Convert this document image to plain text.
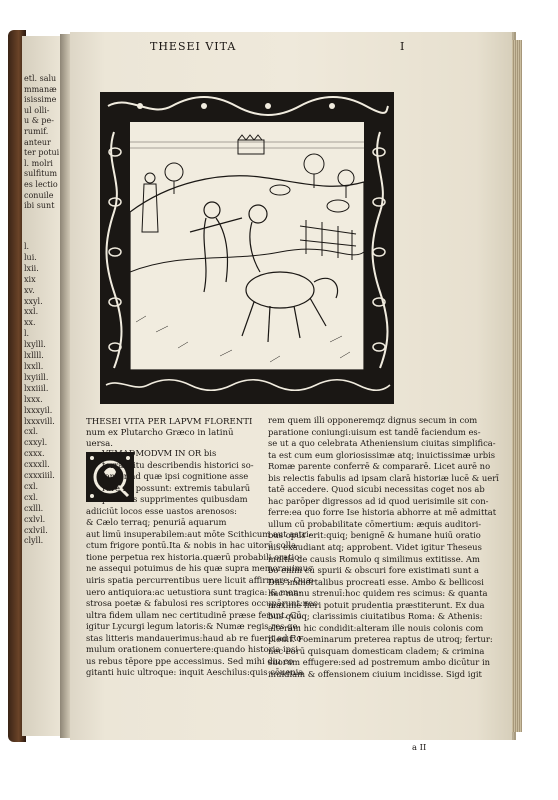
etl. salu
mmanæ
isissime
ul olli-
u & pe-
rumif.
anteur
ter potui
l. molri
sulfitum
es lectio
conuile
ibi sunt
l.
lui.
lxii.
xix
xv.
xxyl.
xxl.
xx.
l.
lxylll.
lxllll.
lxxll.
lxyiill.
lxxiiil.
lxxx.
lxxxyil.
lxxxvill.
cxl.
cxxyl.
cxxx.
cxxxll.
cxxxiiil.
cxl.
cxl.
cxlll.
cxlvl.
cxlvil.
clyll.
THESEI VITA	I
THESEI VITA PER LAPVM FLORENTI num ex Plutarcho Græco in latinū uersa.
VEMADMODVM IN OR bis
terræ situ describendis historici so-
lentur ad quæ ipsi cognitione asse
rare nō possunt: extremis tabularū
partibus supprimentes quibusdam
adiiciūt locos esse uastos arenosos:
& Cælo terraq; penuriā aquarum
aut limū insuperabilem:aut mōte Scithicum aut astri-
ctum frigore pontū.Ita & nobis in hac uitorū colla-
tione perpetua rex historia.quærū probabili oratio-
ne assequi potuimus de his quæ supra memorauimus
uiris spatia percurrentibus uere licuit affirmare. Quæ
uero antiquiora:ac uetustiora sunt tragica: & mon-
strosa poetæ & fabulosi res scriptores occupārunt:nec
ultra fidem ullam nec certitudinē præse ferunt. Cū
igitur Lycurgi legum latoris:& Numæ regis res ge-
stas litteris mandauerimus:haud ab re fuerit ad Ro
mulum orationem conuertere:quando historia ipsi
us rebus tēpore ppe accessimus. Sed mihi diu co
gitanti huic ultroque: inquit Aeschilus:quis cōuenia
rem quem illi opponeremqz dignus secum in com
paratione coniungi:uisum est tandē faciendum es-
se ut a quo celebrata Atheniensium ciuitas simplifica-
ta est cum eum gloriosissimæ atq; inuictissimæ urbis
Romæ parente conferrē & compararē. Licet aurē no
bis relectis fabulis ad ipsam clarā historiæ lucē & uerī
tatē accedere. Quod sicubi necessitas coget nos ab
hac parōper digressos ad id quod uerisimile sit con-
ferre:ea quo forre Ise historia abhorre at mē admittat
ullum cū probabilitate cōmertium: æquis auditori-
bus opus erit:quiq; benignē & humane huiū oratio
nis exaudiant atq; approbent. Videt igitur Theseus
multis de causis Romulo q similimus extitisse. Am
bo enim cū spurii & obscuri fore existimati sunt a
Diis immortalibus procreati esse. Ambo & bellicosi
hac manu strenuī:hoc quidem res scimus: & quanta
maxime fieri potuit prudentia præstiterunt. Ex dua
bus quoq; clarissimis ciuitatibus Roma: & Athenis:
alteram hic condidit:alteram ille nouis colonis com
pleuit. Foeminarum preterea raptus de utroq; fertur:
nec eorū quisquam domesticam cladem; & crimina
suorum effugere:sed ad postremum ambo dicūtur in
inuidiam & offensionem ciuium incidisse. Sigd igit
a II
